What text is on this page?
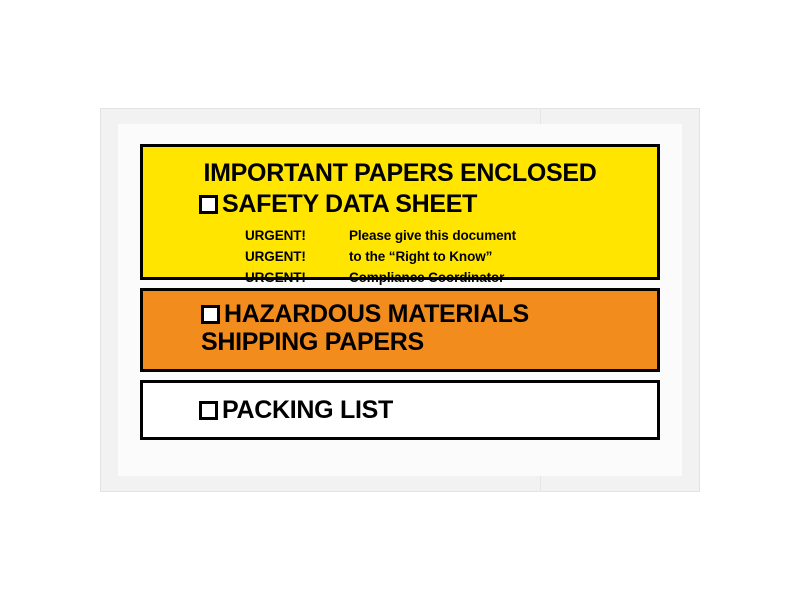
IMPORTANT PAPERS ENCLOSED
SAFETY DATA SHEET
URGENT!	Please give this document
URGENT!	to the “Right to Know”
URGENT!	Compliance Coordinator
HAZARDOUS MATERIALS
SHIPPING PAPERS
PACKING LIST
